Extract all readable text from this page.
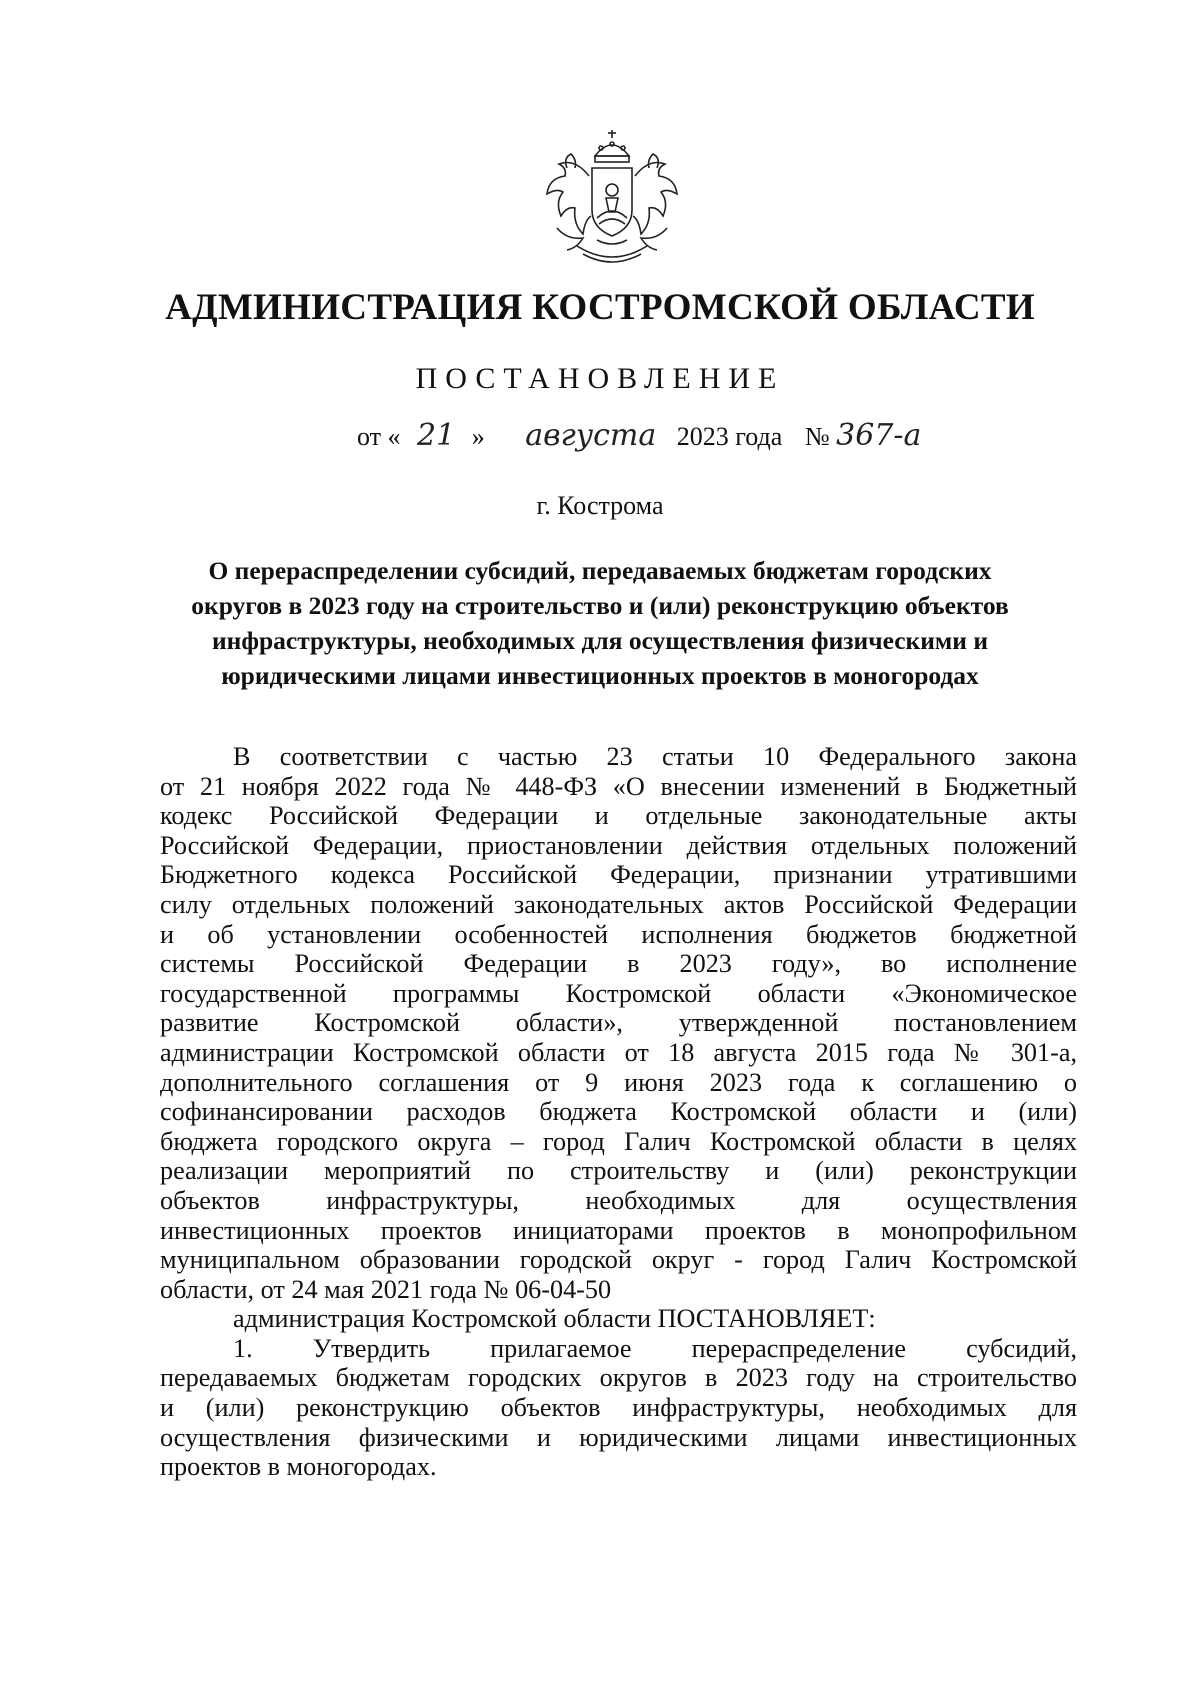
АДМИНИСТРАЦИЯ КОСТРОМСКОЙ ОБЛАСТИ
ПОСТАНОВЛЕНИЕ
от « 21 » августа 2023 года № 367-а
г. Кострома
О перераспределении субсидий, передаваемых бюджетам городских
округов в 2023 году на строительство и (или) реконструкцию объектов
инфраструктуры, необходимых для осуществления физическими и
юридическими лицами инвестиционных проектов в моногородах
В соответствии с частью 23 статьи 10 Федерального закона
от 21 ноября 2022 года № 448-ФЗ «О внесении изменений в Бюджетный
кодекс Российской Федерации и отдельные законодательные акты
Российской Федерации, приостановлении действия отдельных положений
Бюджетного кодекса Российской Федерации, признании утратившими
силу отдельных положений законодательных актов Российской Федерации
и об установлении особенностей исполнения бюджетов бюджетной
системы Российской Федерации в 2023 году», во исполнение
государственной программы Костромской области «Экономическое
развитие Костромской области», утвержденной постановлением
администрации Костромской области от 18 августа 2015 года № 301-а,
дополнительного соглашения от 9 июня 2023 года к соглашению о
софинансировании расходов бюджета Костромской области и (или)
бюджета городского округа – город Галич Костромской области в целях
реализации мероприятий по строительству и (или) реконструкции
объектов инфраструктуры, необходимых для осуществления
инвестиционных проектов инициаторами проектов в монопрофильном
муниципальном образовании городской округ - город Галич Костромской
области, от 24 мая 2021 года № 06-04-50
администрация Костромской области ПОСТАНОВЛЯЕТ:
1. Утвердить прилагаемое перераспределение субсидий,
передаваемых бюджетам городских округов в 2023 году на строительство
и (или) реконструкцию объектов инфраструктуры, необходимых для
осуществления физическими и юридическими лицами инвестиционных
проектов в моногородах.
